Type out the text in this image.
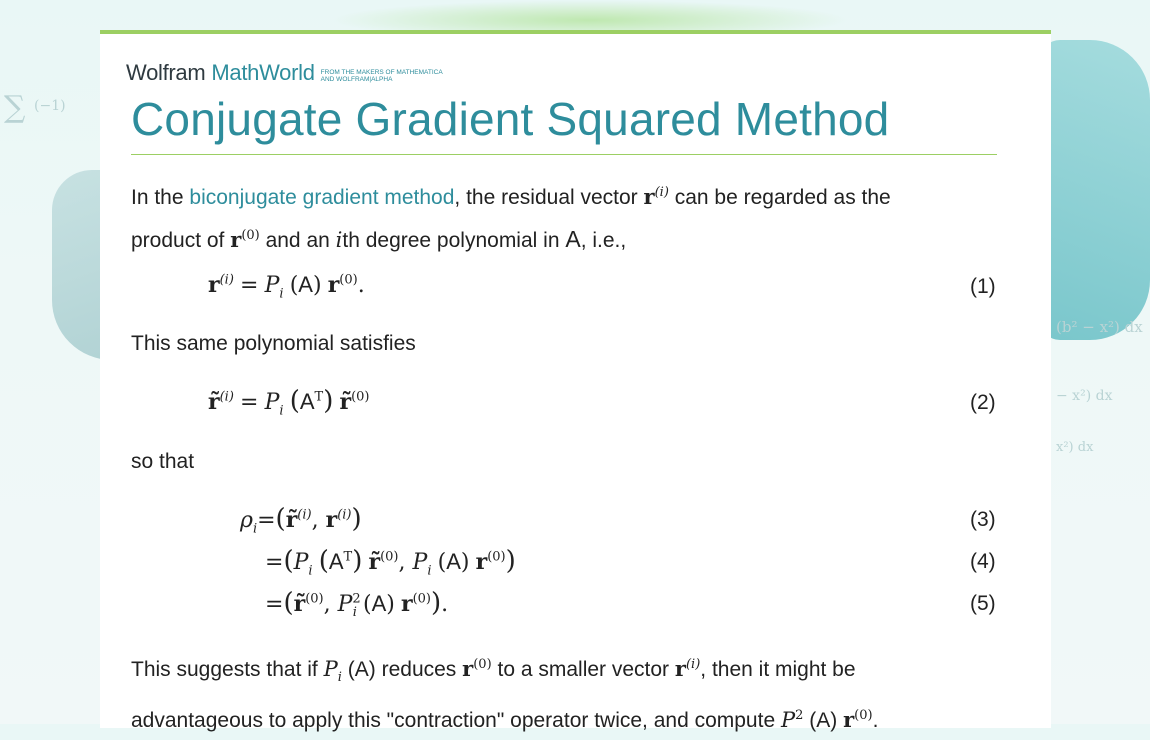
∑ (−1)
(b² − x²) dx
− x²) dx
x²) dx
Wolfram MathWorld FROM THE MAKERS OF MATHEMATICA
AND WOLFRAM|ALPHA
Conjugate Gradient Squared Method

In the biconjugate gradient method, the residual vector $r^{(i)}$ can be regarded as the
product of $r^{(0)}$ and an ith degree polynomial in A, i.e.,

$r^{(i)} = P_i$ (A) $r^{(0)}$.	(1)

This same polynomial satisfies

r̃$^{(i)}$ = $P_i$ $(A^T)$ r̃$^{(0)}$	(2)

so that

$\rho_i=(r̃^{(i)}$, $r^{(i)}$)	(3)
$=(P_i$ $(A^T)$ r̃$^{(0)}$, $P_i$ (A) $r^{(0)}$)	(4)
=(r̃$^{(0)}$, $P^2_i$ (A) $r^{(0)}$).	(5)

This suggests that if $P_i$ (A) reduces $r^{(0)}$ to a smaller vector $r^{(i)}$, then it might be
advantageous to apply this "contraction" operator twice, and compute $P^2$ (A) $r^{(0)}$.
